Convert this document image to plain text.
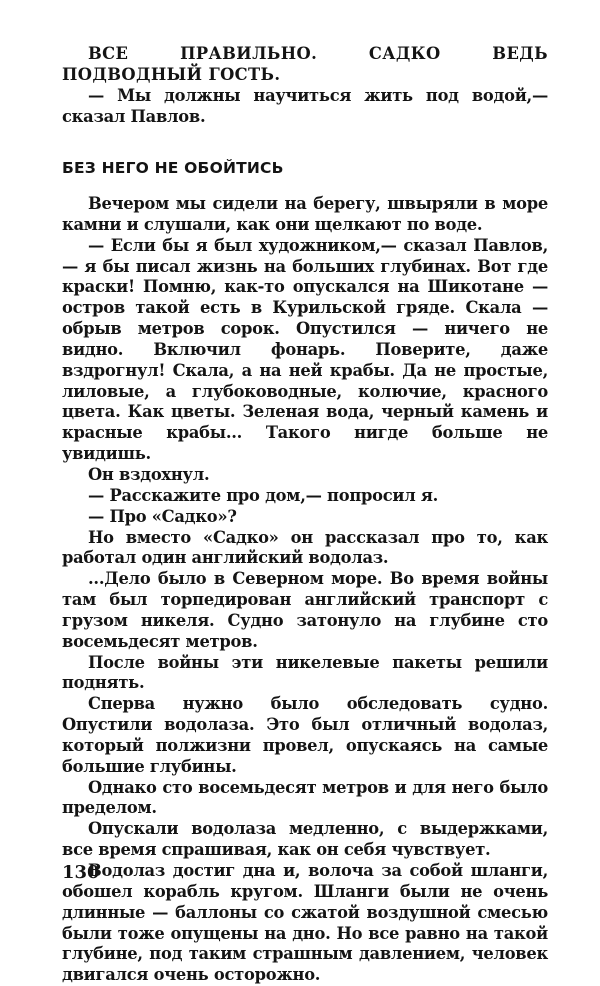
ВСЕ ПРАВИЛЬНО. САДКО ВЕДЬ ПОДВОДНЫЙ ГОСТЬ.

— Мы должны научиться жить под водой,— сказал Павлов.

БЕЗ НЕГО НЕ ОБОЙТИСЬ

Вечером мы сидели на берегу, швыряли в море камни и слушали, как они щелкают по воде.

— Если бы я был художником,— сказал Павлов,— я бы писал жизнь на больших глубинах. Вот где краски! Помню, как-то опускался на Шикотане — остров такой есть в Курильской гряде. Скала — обрыв метров сорок. Опустился — ничего не видно. Включил фонарь. Поверите, даже вздрогнул! Скала, а на ней крабы. Да не простые, лиловые, а глубоководные, колючие, красного цвета. Как цветы. Зеленая вода, черный камень и красные крабы... Такого нигде больше не увидишь.

Он вздохнул.

— Расскажите про дом,— попросил я.

— Про «Садко»?

Но вместо «Садко» он рассказал про то, как работал один английский водолаз.

...Дело было в Северном море. Во время войны там был торпедирован английский транспорт с грузом никеля. Судно затонуло на глубине сто восемьдесят метров.

После войны эти никелевые пакеты решили поднять.

Сперва нужно было обследовать судно. Опустили водолаза. Это был отличный водолаз, который полжизни провел, опускаясь на самые большие глубины.

Однако сто восемьдесят метров и для него было пределом.

Опускали водолаза медленно, с выдержками, все время спрашивая, как он себя чувствует.

Водолаз достиг дна и, волоча за собой шланги, обошел корабль кругом. Шланги были не очень длинные — баллоны со сжатой воздушной смесью были тоже опущены на дно. Но все равно на такой глубине, под таким страшным давлением, человек двигался очень осторожно.

130
